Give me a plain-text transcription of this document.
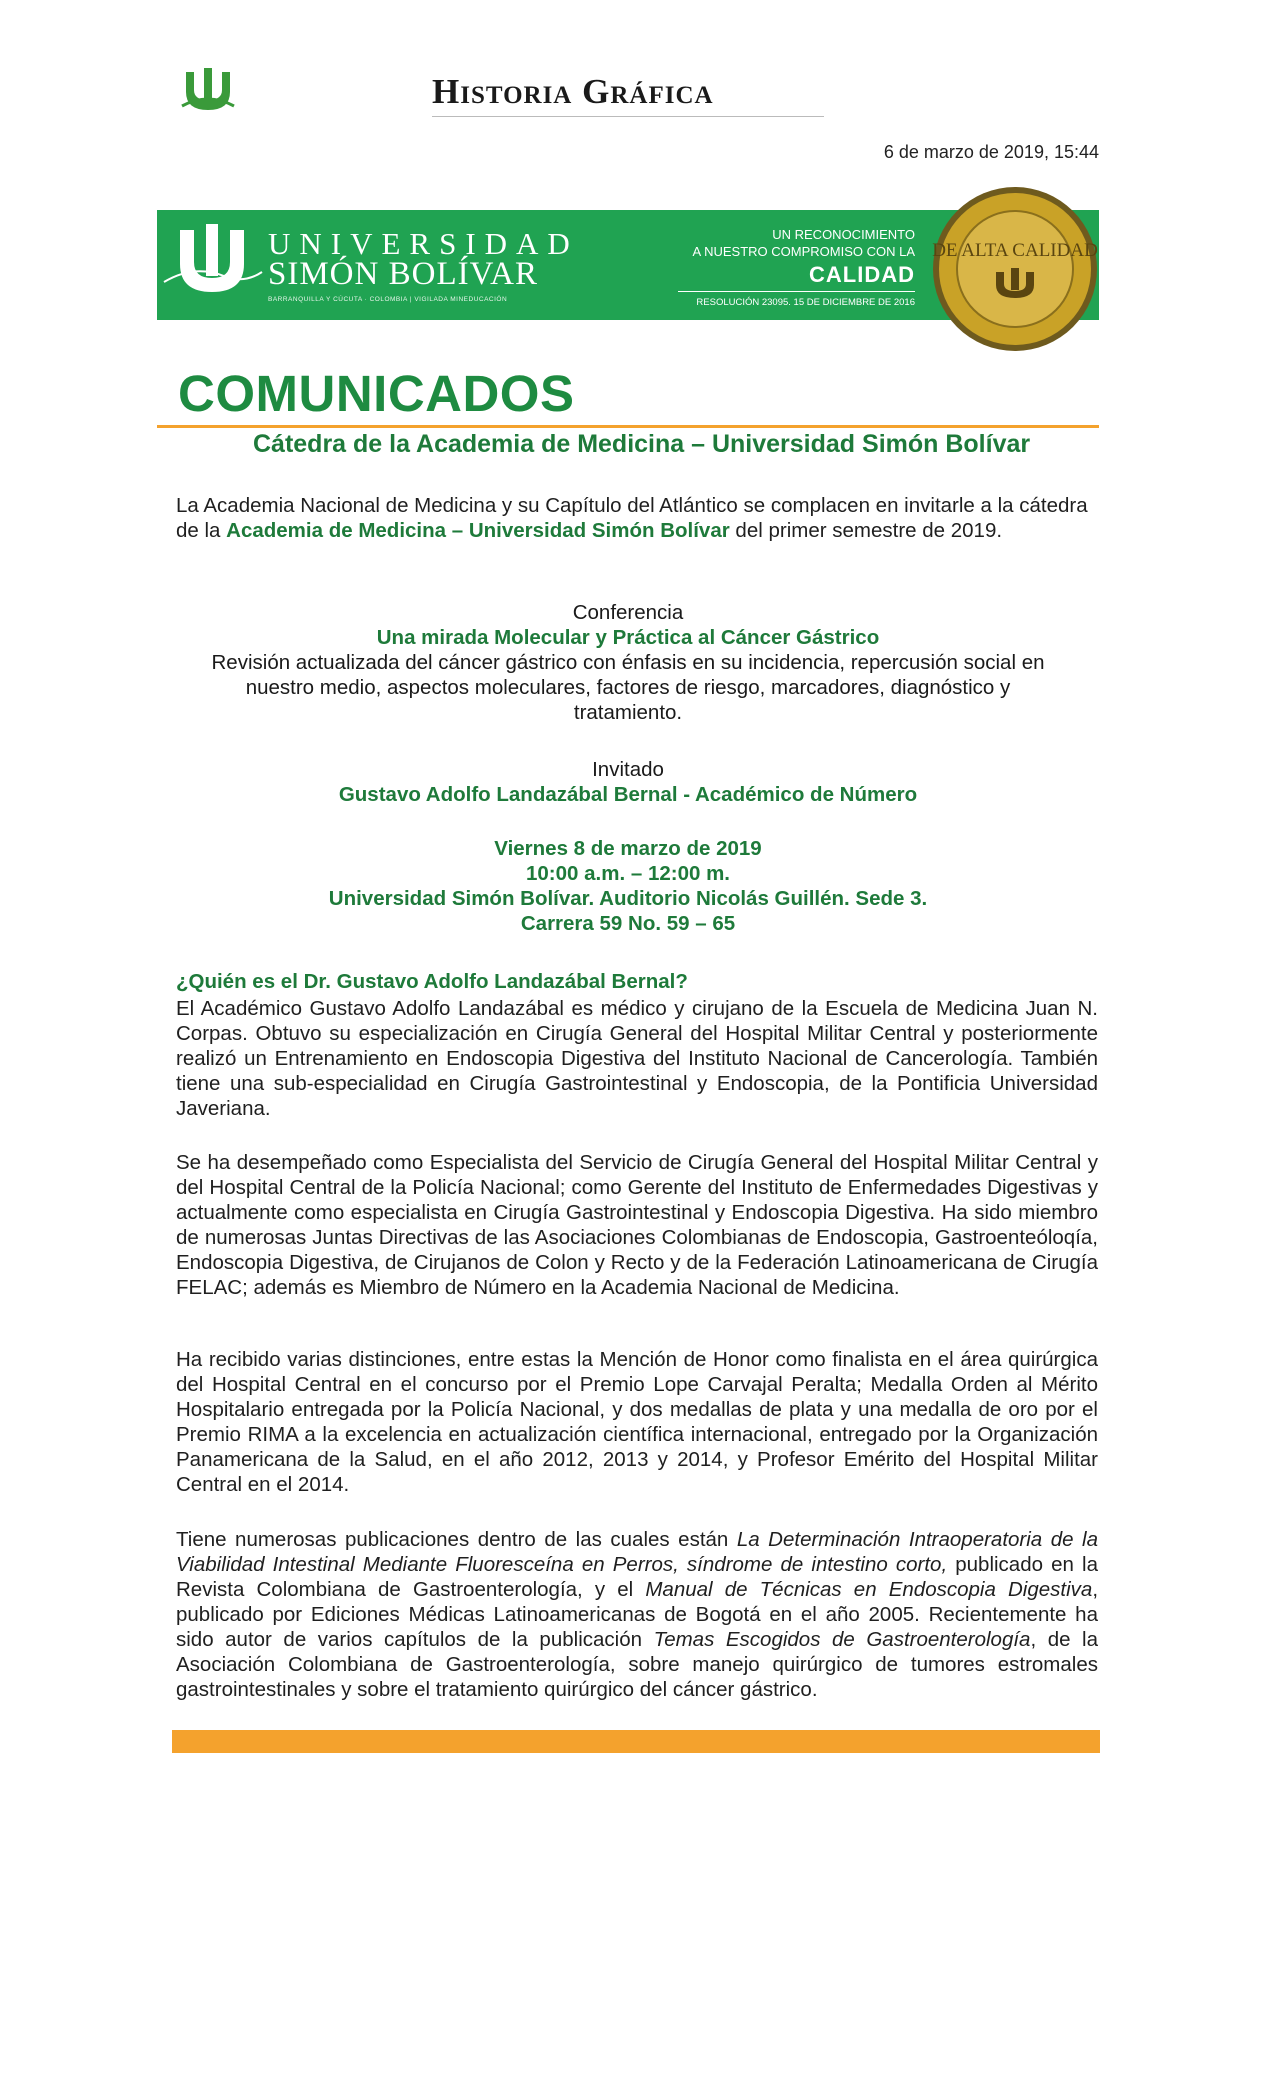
Historia Gráfica
6 de marzo de 2019, 15:44
UNIVERSIDAD
SIMÓN BOLÍVAR
BARRANQUILLA Y CÚCUTA · COLOMBIA | VIGILADA MINEDUCACIÓN
UN RECONOCIMIENTO
A NUESTRO COMPROMISO CON LA
CALIDAD
RESOLUCIÓN 23095. 15 DE DICIEMBRE DE 2016
DE ALTA CALIDAD
COMUNICADOS
Cátedra de la Academia de Medicina – Universidad Simón Bolívar
La Academia Nacional de Medicina y su Capítulo del Atlántico se complacen en invitarle a la cátedra de la Academia de Medicina – Universidad Simón Bolívar del primer semestre de 2019.
Conferencia
Una mirada Molecular y Práctica al Cáncer Gástrico
Revisión actualizada del cáncer gástrico con énfasis en su incidencia, repercusión social en nuestro medio, aspectos moleculares, factores de riesgo, marcadores, diagnóstico y tratamiento.
Invitado
Gustavo Adolfo Landazábal Bernal - Académico de Número
Viernes 8 de marzo de 2019
10:00 a.m. – 12:00 m.
Universidad Simón Bolívar. Auditorio Nicolás Guillén. Sede 3.
Carrera 59 No. 59 – 65
¿Quién es el Dr. Gustavo Adolfo Landazábal Bernal?
El Académico Gustavo Adolfo Landazábal es médico y cirujano de la Escuela de Medicina Juan N. Corpas. Obtuvo su especialización en Cirugía General del Hospital Militar Central y posteriormente realizó un Entrenamiento en Endoscopia Digestiva del Instituto Nacional de Cancerología. También tiene una sub-especialidad en Cirugía Gastrointestinal y Endoscopia, de la Pontificia Universidad Javeriana.
Se ha desempeñado como Especialista del Servicio de Cirugía General del Hospital Militar Central y del Hospital Central de la Policía Nacional; como Gerente del Instituto de Enfermedades Digestivas y actualmente como especialista en Cirugía Gastrointestinal y Endoscopia Digestiva. Ha sido miembro de numerosas Juntas Directivas de las Asociaciones Colombianas de Endoscopia, Gastroenteóloqía, Endoscopia Digestiva, de Cirujanos de Colon y Recto y de la Federación Latinoamericana de Cirugía FELAC; además es Miembro de Número en la Academia Nacional de Medicina.
Ha recibido varias distinciones, entre estas la Mención de Honor como finalista en el área quirúrgica del Hospital Central en el concurso por el Premio Lope Carvajal Peralta; Medalla Orden al Mérito Hospitalario entregada por la Policía Nacional, y dos medallas de plata y una medalla de oro por el Premio RIMA a la excelencia en actualización científica internacional, entregado por la Organización Panamericana de la Salud, en el año 2012, 2013 y 2014, y Profesor Emérito del Hospital Militar Central en el 2014.
Tiene numerosas publicaciones dentro de las cuales están La Determinación Intraoperatoria de la Viabilidad Intestinal Mediante Fluoresceína en Perros, síndrome de intestino corto, publicado en la Revista Colombiana de Gastroenterología, y el Manual de Técnicas en Endoscopia Digestiva, publicado por Ediciones Médicas Latinoamericanas de Bogotá en el año 2005. Recientemente ha sido autor de varios capítulos de la publicación Temas Escogidos de Gastroenterología, de la Asociación Colombiana de Gastroenterología, sobre manejo quirúrgico de tumores estromales gastrointestinales y sobre el tratamiento quirúrgico del cáncer gástrico.
